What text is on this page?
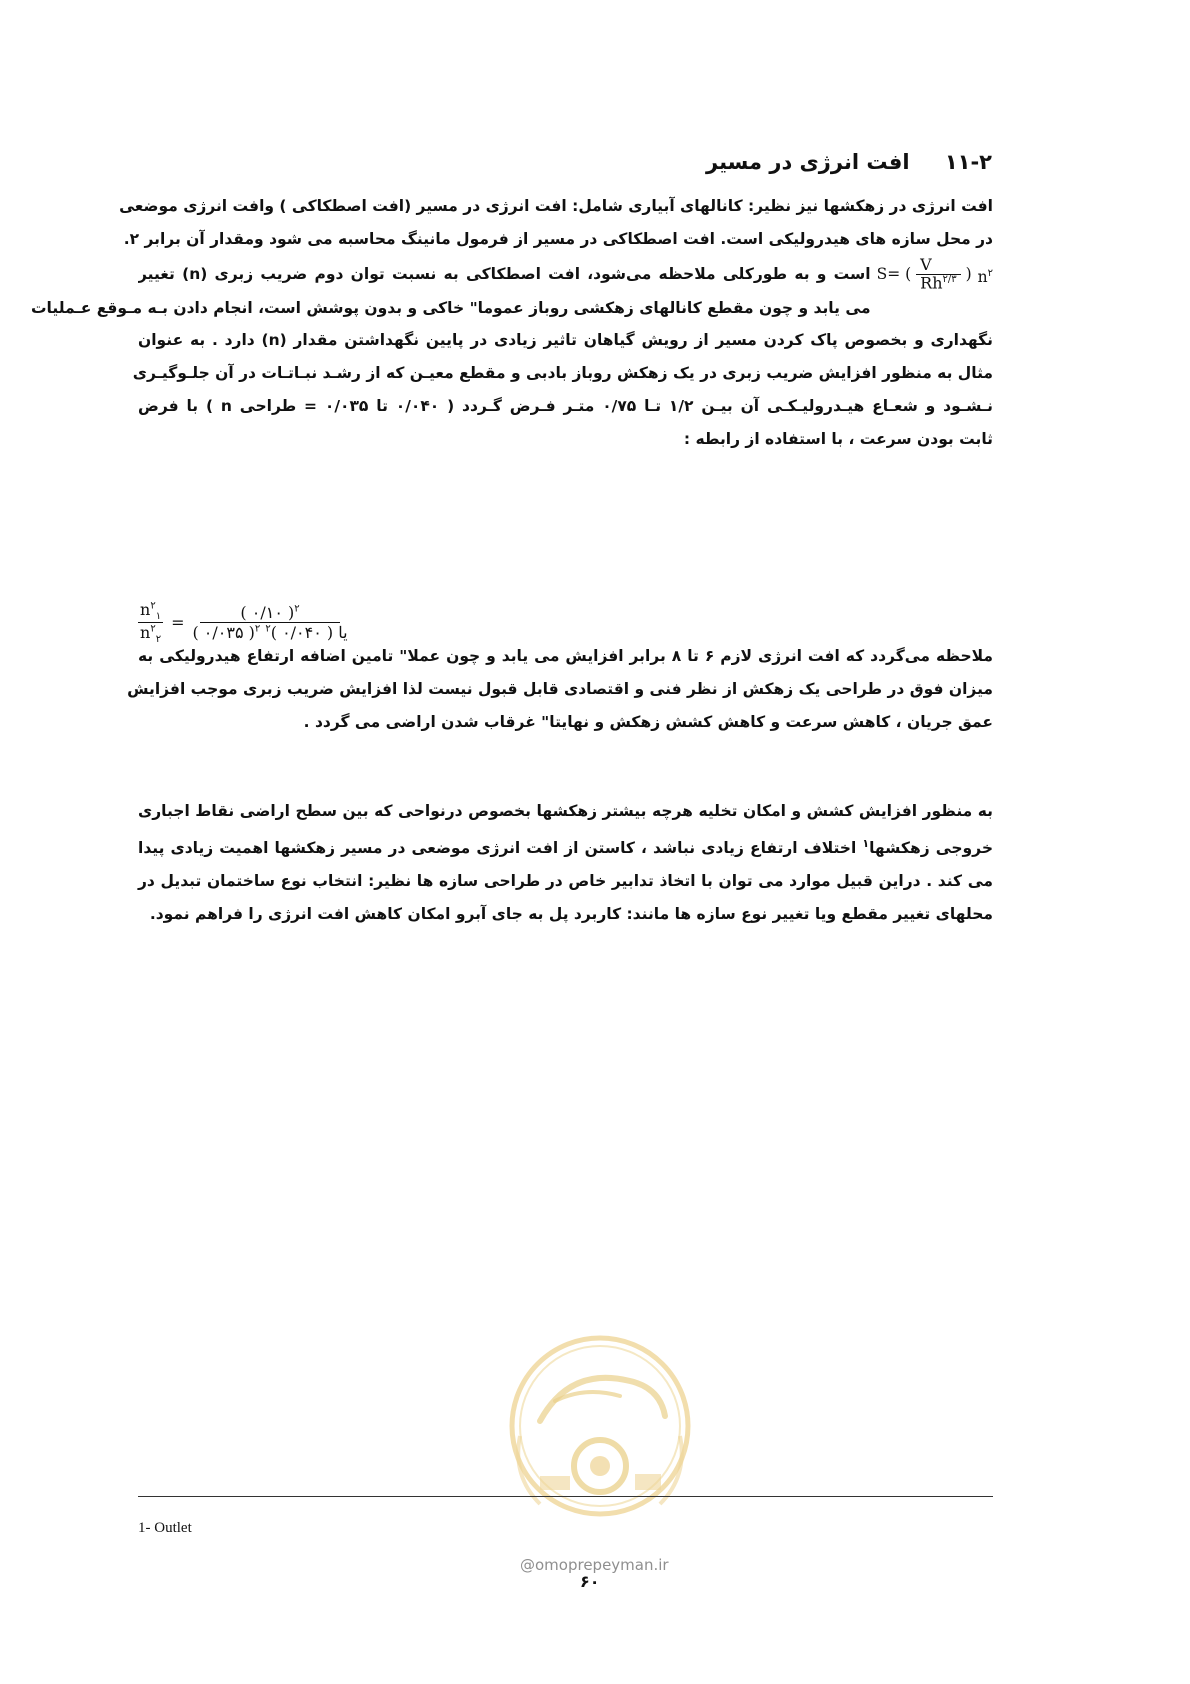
۱۱-۲ افت انرژی در مسیر
افت انرژی در زهکشها نیز نظیر: کانالهای آبیاری شامل: افت انرژی در مسیر (افت اصطکاکی ) وافت انرژی موضعی
در محل سازه های هیدرولیکی است. افت اصطکاکی در مسیر از فرمول مانینگ محاسبه می شود ومقدار آن برابر ۲.
$n^۲$
S= ( $\frac{V}{Rh^{۲/۳}}$ )
است و به طورکلی ملاحظه می‌شود، افت اصطکاکی به نسبت توان دوم ضریب زبری (n) تغییر
می یابد و چون مقطع کانالهای زهکشی روباز عموما" خاکی و بدون پوشش است، انجام دادن بـه مـوقع عـملیات
نگهداری و بخصوص پاک کردن مسیر از رویش گیاهان تاثیر زیادی در پایین نگهداشتن مقدار (n) دارد . به عنوان
مثال به منظور افزایش ضریب زبری در یک زهکش روباز بادبی و مقطع معیـن که از رشـد نبـاتـات در آن جلـوگیـری
نـشـود و شعـاع هیـدرولیـکـی آن بیـن ۱/۲ تـا ۰/۷۵ متـر فـرض گـردد ( ۰/۰۴۰ تا ۰/۰۳۵ = طراحی n ) با فرض
ثابت بودن سرعت ، با استفاده از رابطه :
$\frac{n^۲_۱}{n^۲_۲}$ =
( ۰/۱۰ )$^۲$
( ۰/۰۳۵ )$^۲$	یا ( ۰/۰۴۰ )$^۲$
ملاحظه می‌گردد که افت انرژی لازم ۶ تا ۸ برابر افزایش می یابد و چون عملا" تامین اضافه ارتفاع هیدرولیکی به
میزان فوق در طراحی یک زهکش از نظر فنی و اقتصادی قابل قبول نیست لذا افزایش ضریب زبری موجب افزایش
عمق جریان ، کاهش سرعت و کاهش کشش زهکش و نهایتا" غرقاب شدن اراضی می گردد .
به منظور افزایش کشش و امکان تخلیه هرچه بیشتر زهکشها بخصوص درنواحی که بین سطح اراضی نقاط اجباری
خروجی زهکشها$^۱$ اختلاف ارتفاع زیادی نباشد ، کاستن از افت انرژی موضعی در مسیر زهکشها اهمیت زیادی پیدا
می کند . دراین قبیل موارد می توان با اتخاذ تدابیر خاص در طراحی سازه ها نظیر: انتخاب نوع ساختمان تبدیل در
محلهای تغییر مقطع ویا تغییر نوع سازه ها مانند: کاربرد پل به جای آبرو امکان کاهش افت انرژی را فراهم نمود.
1- Outlet
@omoprepeyman.ir
۶۰
